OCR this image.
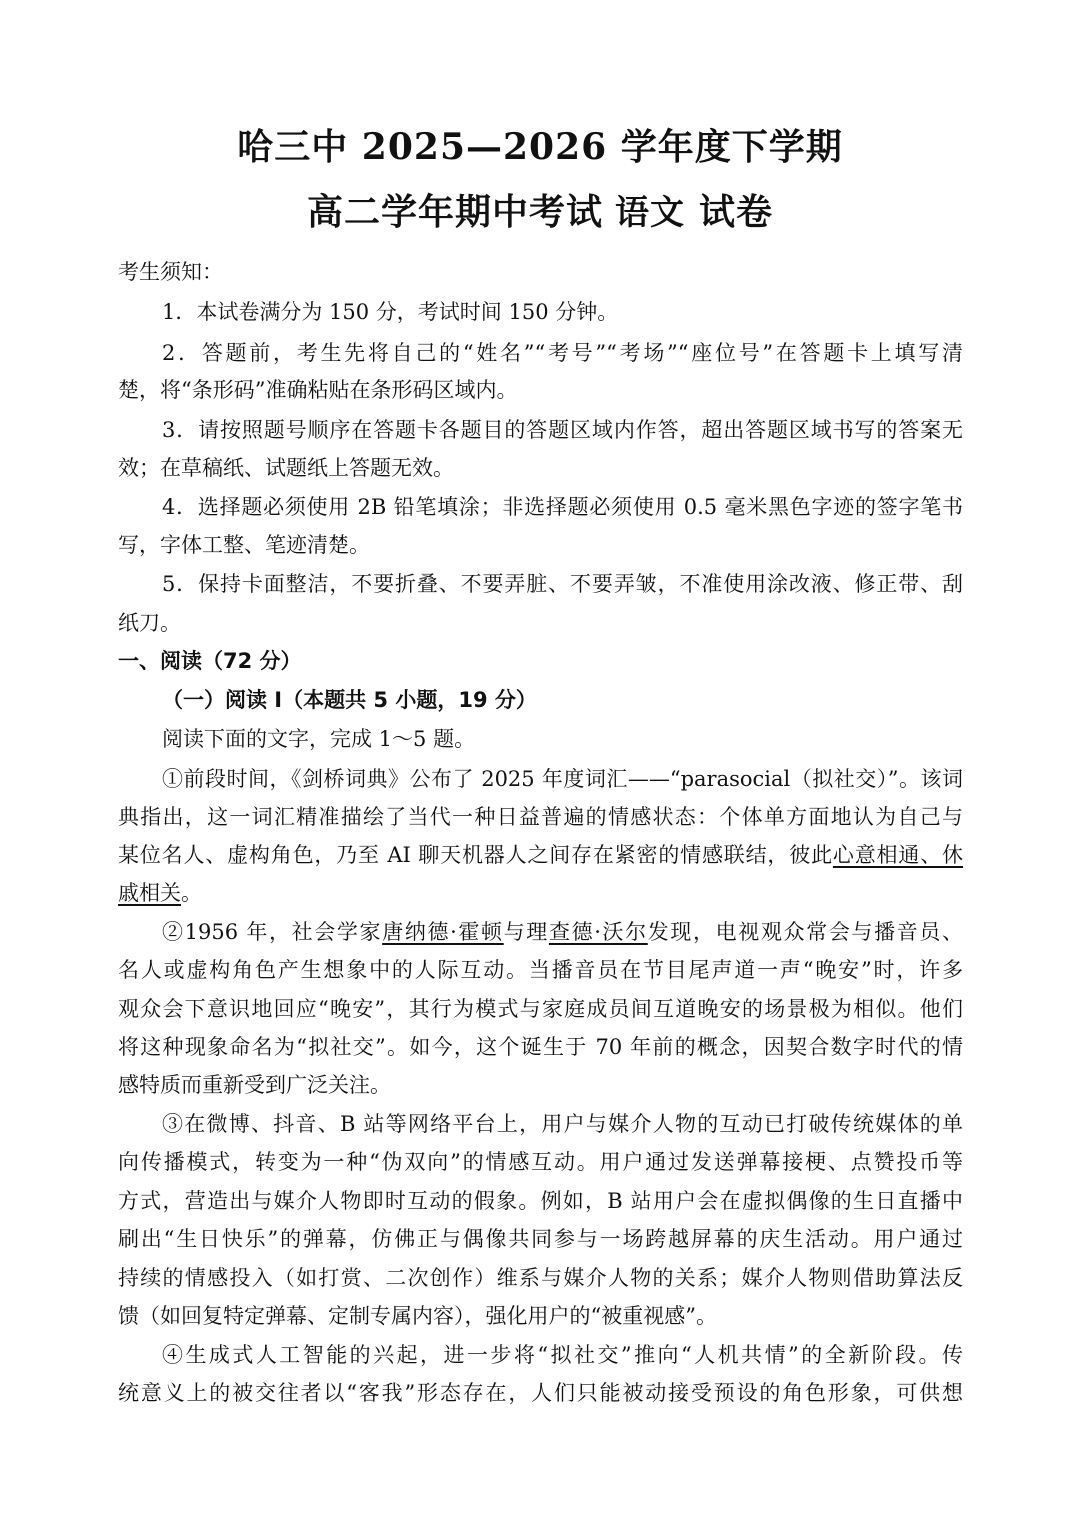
哈三中 2025—2026 学年度下学期
高二学年期中考试 语文 试卷
考生须知：
1．本试卷满分为 150 分，考试时间 150 分钟。
2．答题前，考生先将自己的“姓名”“考号”“考场”“座位号”在答题卡上填写清
楚，将“条形码”准确粘贴在条形码区域内。
3．请按照题号顺序在答题卡各题目的答题区域内作答，超出答题区域书写的答案无
效；在草稿纸、试题纸上答题无效。
4．选择题必须使用 2B 铅笔填涂；非选择题必须使用 0.5 毫米黑色字迹的签字笔书
写，字体工整、笔迹清楚。
5．保持卡面整洁，不要折叠、不要弄脏、不要弄皱，不准使用涂改液、修正带、刮
纸刀。
一、阅读（72 分）
（一）阅读 I（本题共 5 小题，19 分）
阅读下面的文字，完成 1～5 题。
①前段时间，《剑桥词典》公布了 2025 年度词汇——“parasocial（拟社交）”。该词
典指出，这一词汇精准描绘了当代一种日益普遍的情感状态：个体单方面地认为自己与
某位名人、虚构角色，乃至 AI 聊天机器人之间存在紧密的情感联结，彼此心意相通、休
戚相关。
②1956 年，社会学家唐纳德·霍顿与理查德·沃尔发现，电视观众常会与播音员、
名人或虚构角色产生想象中的人际互动。当播音员在节目尾声道一声“晚安”时，许多
观众会下意识地回应“晚安”，其行为模式与家庭成员间互道晚安的场景极为相似。他们
将这种现象命名为“拟社交”。如今，这个诞生于 70 年前的概念，因契合数字时代的情
感特质而重新受到广泛关注。
③在微博、抖音、B 站等网络平台上，用户与媒介人物的互动已打破传统媒体的单
向传播模式，转变为一种“伪双向”的情感互动。用户通过发送弹幕接梗、点赞投币等
方式，营造出与媒介人物即时互动的假象。例如，B 站用户会在虚拟偶像的生日直播中
刷出“生日快乐”的弹幕，仿佛正与偶像共同参与一场跨越屏幕的庆生活动。用户通过
持续的情感投入（如打赏、二次创作）维系与媒介人物的关系；媒介人物则借助算法反
馈（如回复特定弹幕、定制专属内容），强化用户的“被重视感”。
④生成式人工智能的兴起，进一步将“拟社交”推向“人机共情”的全新阶段。传
统意义上的被交往者以“客我”形态存在，人们只能被动接受预设的角色形象，可供想
